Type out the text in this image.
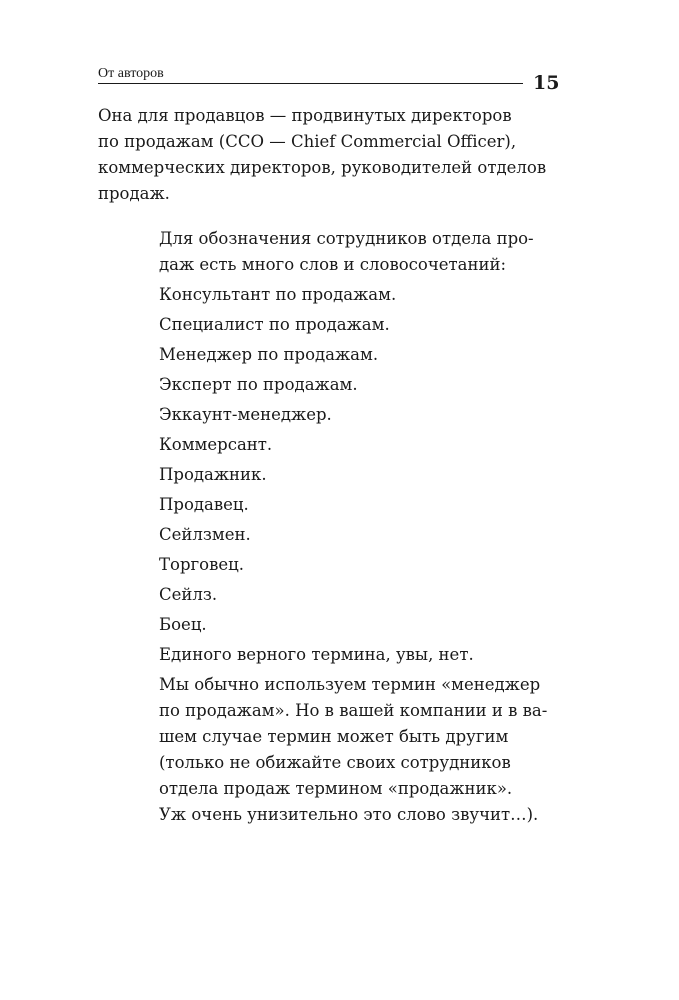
От авторов	15
Она для продавцов — продвинутых директоров
по продажам (CCO — Chief Commercial Officer),
коммерческих директоров, руководителей отделов
продаж.
Для обозначения сотрудников отдела про-
даж есть много слов и словосочетаний:
Консультант по продажам.
Специалист по продажам.
Менеджер по продажам.
Эксперт по продажам.
Эккаунт-менеджер.
Коммерсант.
Продажник.
Продавец.
Сейлзмен.
Торговец.
Сейлз.
Боец.
Единого верного термина, увы, нет.
Мы обычно используем термин «менеджер
по продажам». Но в вашей компании и в ва-
шем случае термин может быть другим
(только не обижайте своих сотрудников
отдела продаж термином «продажник».
Уж очень унизительно это слово звучит…).
